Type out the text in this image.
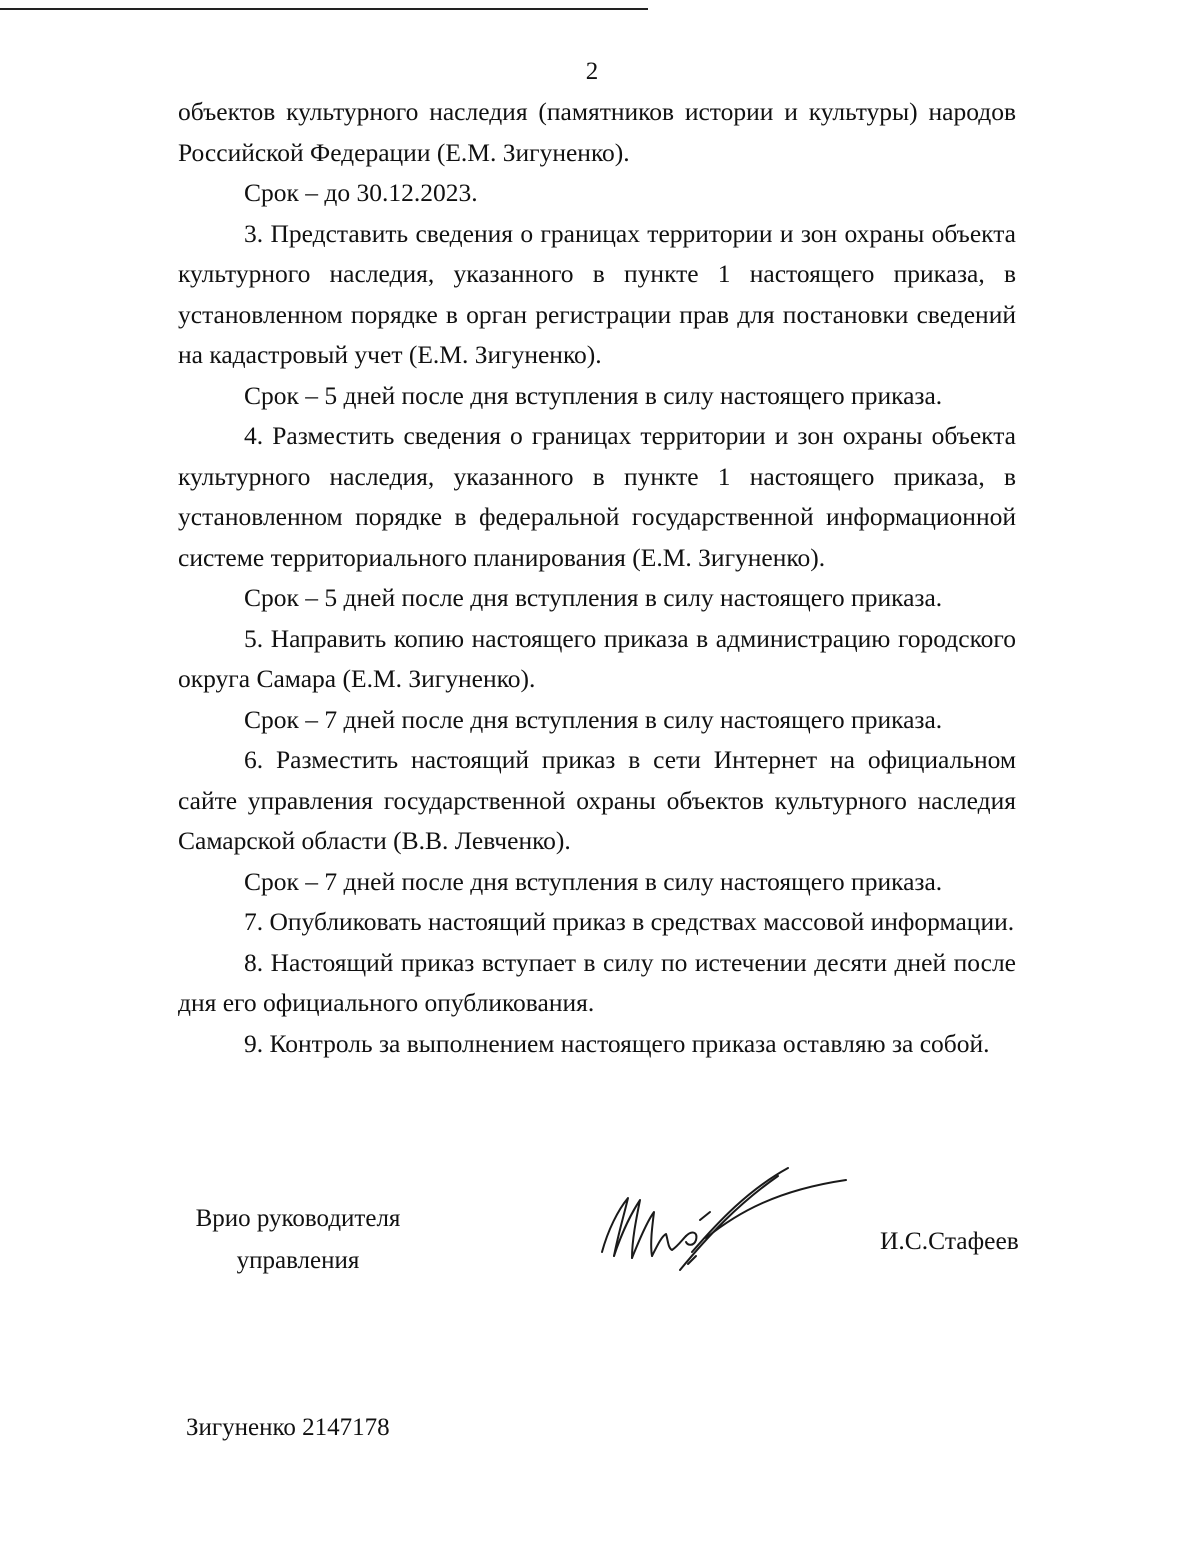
2

объектов культурного наследия (памятников истории и культуры) народов Российской Федерации (Е.М. Зигуненко).

Срок – до 30.12.2023.

3. Представить сведения о границах территории и зон охраны объекта культурного наследия, указанного в пункте 1 настоящего приказа, в установленном порядке в орган регистрации прав для постановки сведений на кадастровый учет (Е.М. Зигуненко).

Срок – 5 дней после дня вступления в силу настоящего приказа.

4. Разместить сведения о границах территории и зон охраны объекта культурного наследия, указанного в пункте 1 настоящего приказа, в установленном порядке в федеральной государственной информационной системе территориального планирования (Е.М. Зигуненко).

Срок – 5 дней после дня вступления в силу настоящего приказа.

5. Направить копию настоящего приказа в администрацию городского округа Самара (Е.М. Зигуненко).

Срок – 7 дней после дня вступления в силу настоящего приказа.

6. Разместить настоящий приказ в сети Интернет на официальном сайте управления государственной охраны объектов культурного наследия Самарской области (В.В. Левченко).

Срок – 7 дней после дня вступления в силу настоящего приказа.

7. Опубликовать настоящий приказ в средствах массовой информации.

8. Настоящий приказ вступает в силу по истечении десяти дней после дня его официального опубликования.

9. Контроль за выполнением настоящего приказа оставляю за собой.

Врио руководителя
управления
И.С.Стафеев
Зигуненко 2147178
